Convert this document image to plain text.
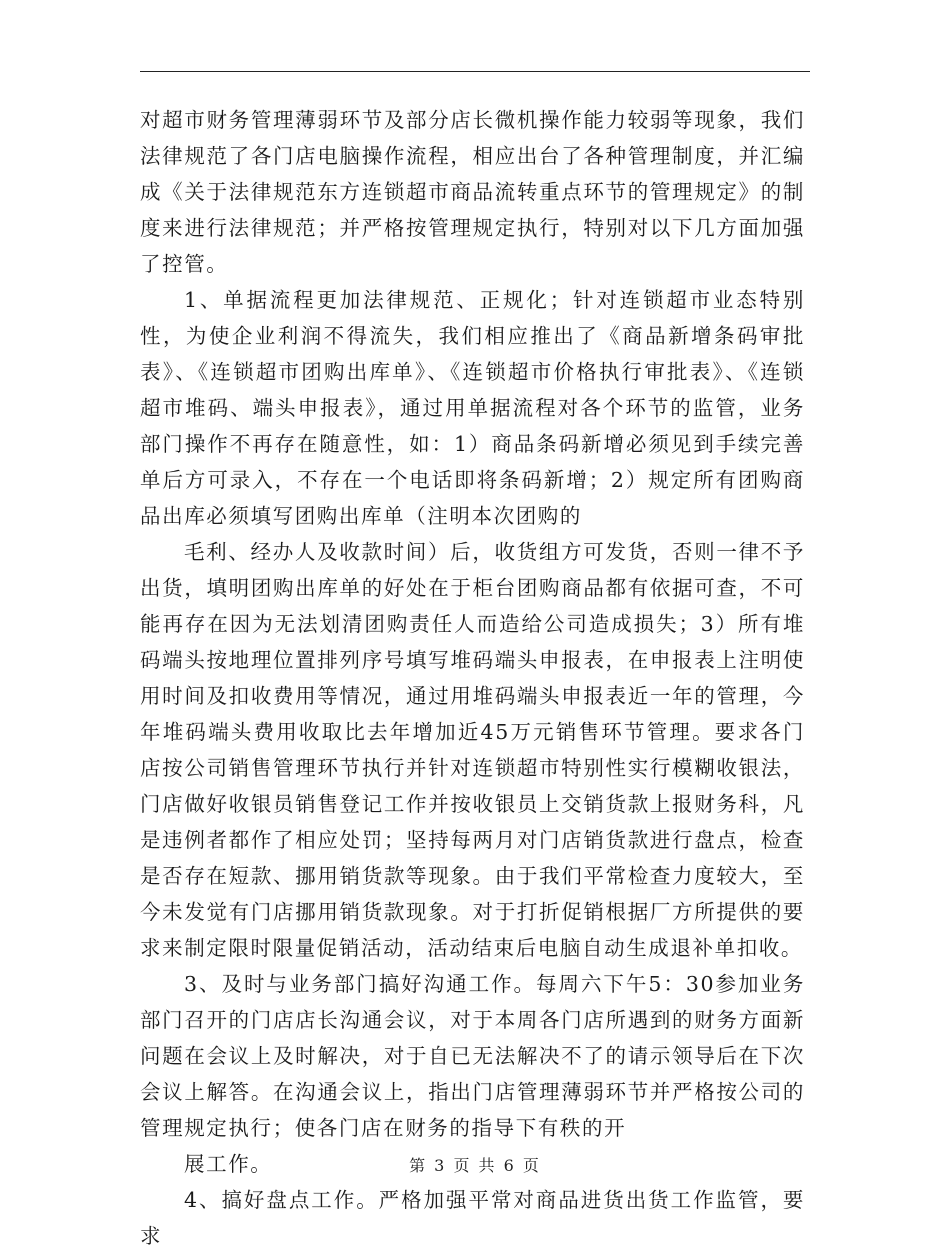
对超市财务管理薄弱环节及部分店长微机操作能力较弱等现象，我们法律规范了各门店电脑操作流程，相应出台了各种管理制度，并汇编成《关于法律规范东方连锁超市商品流转重点环节的管理规定》的制度来进行法律规范；并严格按管理规定执行，特别对以下几方面加强了控管。

1、单据流程更加法律规范、正规化；针对连锁超市业态特别性，为使企业利润不得流失，我们相应推出了《商品新增条码审批表》、《连锁超市团购出库单》、《连锁超市价格执行审批表》、《连锁超市堆码、端头申报表》，通过用单据流程对各个环节的监管，业务部门操作不再存在随意性，如：1）商品条码新增必须见到手续完善单后方可录入，不存在一个电话即将条码新增；2）规定所有团购商品出库必须填写团购出库单（注明本次团购的

毛利、经办人及收款时间）后，收货组方可发货，否则一律不予出货，填明团购出库单的好处在于柜台团购商品都有依据可查，不可能再存在因为无法划清团购责任人而造给公司造成损失；3）所有堆码端头按地理位置排列序号填写堆码端头申报表，在申报表上注明使用时间及扣收费用等情况，通过用堆码端头申报表近一年的管理，今年堆码端头费用收取比去年增加近45万元销售环节管理。要求各门店按公司销售管理环节执行并针对连锁超市特别性实行模糊收银法，门店做好收银员销售登记工作并按收银员上交销货款上报财务科，凡是违例者都作了相应处罚；坚持每两月对门店销货款进行盘点，检查是否存在短款、挪用销货款等现象。由于我们平常检查力度较大，至今未发觉有门店挪用销货款现象。对于打折促销根据厂方所提供的要求来制定限时限量促销活动，活动结束后电脑自动生成退补单扣收。

3、及时与业务部门搞好沟通工作。每周六下午5：30参加业务部门召开的门店店长沟通会议，对于本周各门店所遇到的财务方面新问题在会议上及时解决，对于自已无法解决不了的请示领导后在下次会议上解答。在沟通会议上，指出门店管理薄弱环节并严格按公司的管理规定执行；使各门店在财务的指导下有秩的开

展工作。

4、搞好盘点工作。严格加强平常对商品进货出货工作监管，要求

第 3 页 共 6 页
